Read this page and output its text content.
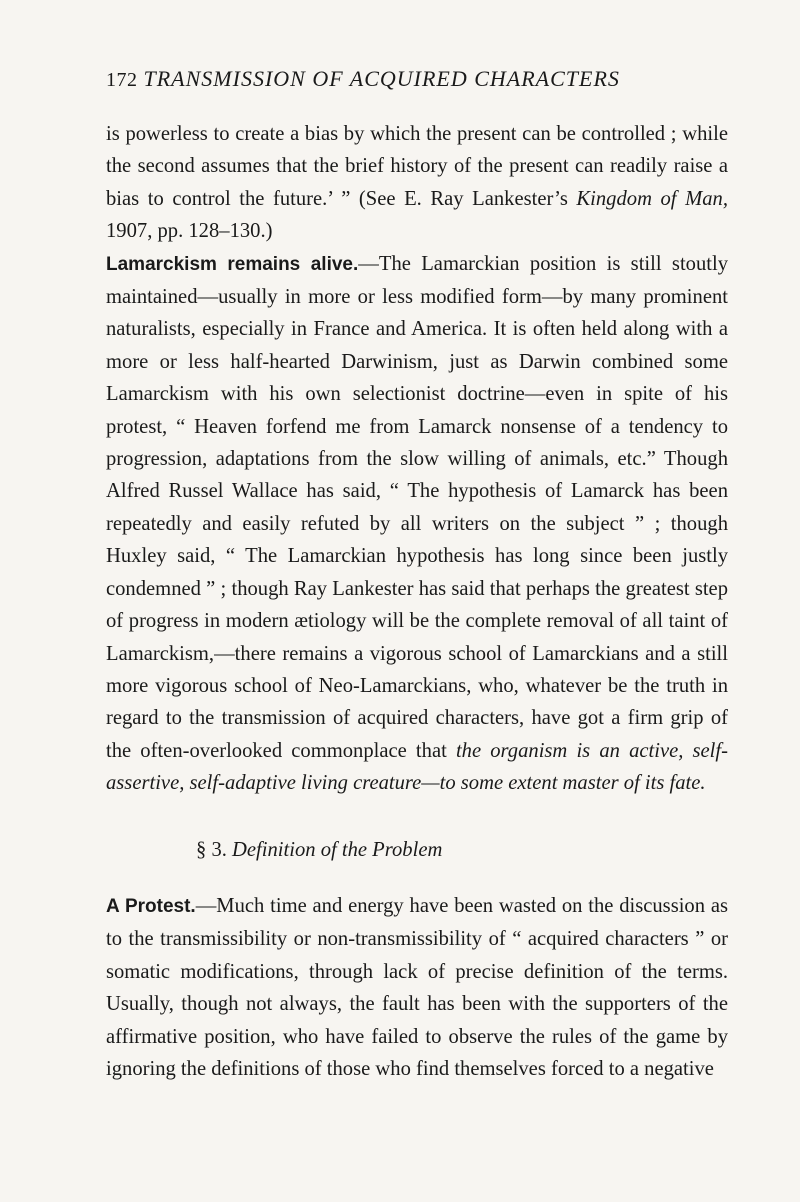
172 TRANSMISSION OF ACQUIRED CHARACTERS

is powerless to create a bias by which the present can be controlled ; while the second assumes that the brief history of the present can readily raise a bias to control the future.’ ” (See E. Ray Lankester’s Kingdom of Man, 1907, pp. 128–130.)

Lamarckism remains alive.—The Lamarckian position is still stoutly maintained—usually in more or less modified form—by many prominent naturalists, especially in France and America. It is often held along with a more or less half-hearted Darwinism, just as Darwin combined some Lamarckism with his own selectionist doctrine—even in spite of his protest, “ Heaven forfend me from Lamarck nonsense of a tendency to progression, adaptations from the slow willing of animals, etc.” Though Alfred Russel Wallace has said, “ The hypothesis of Lamarck has been repeatedly and easily refuted by all writers on the subject ” ; though Huxley said, “ The Lamarckian hypothesis has long since been justly condemned ” ; though Ray Lankester has said that perhaps the greatest step of progress in modern ætiology will be the complete removal of all taint of Lamarckism,—there remains a vigorous school of Lamarckians and a still more vigorous school of Neo-Lamarckians, who, whatever be the truth in regard to the transmission of acquired characters, have got a firm grip of the often-overlooked commonplace that the organism is an active, self-assertive, self-adaptive living creature—to some extent master of its fate.

§ 3. Definition of the Problem

A Protest.—Much time and energy have been wasted on the discussion as to the transmissibility or non-transmissibility of “ acquired characters ” or somatic modifications, through lack of precise definition of the terms. Usually, though not always, the fault has been with the supporters of the affirmative position, who have failed to observe the rules of the game by ignoring the definitions of those who find themselves forced to a negative
